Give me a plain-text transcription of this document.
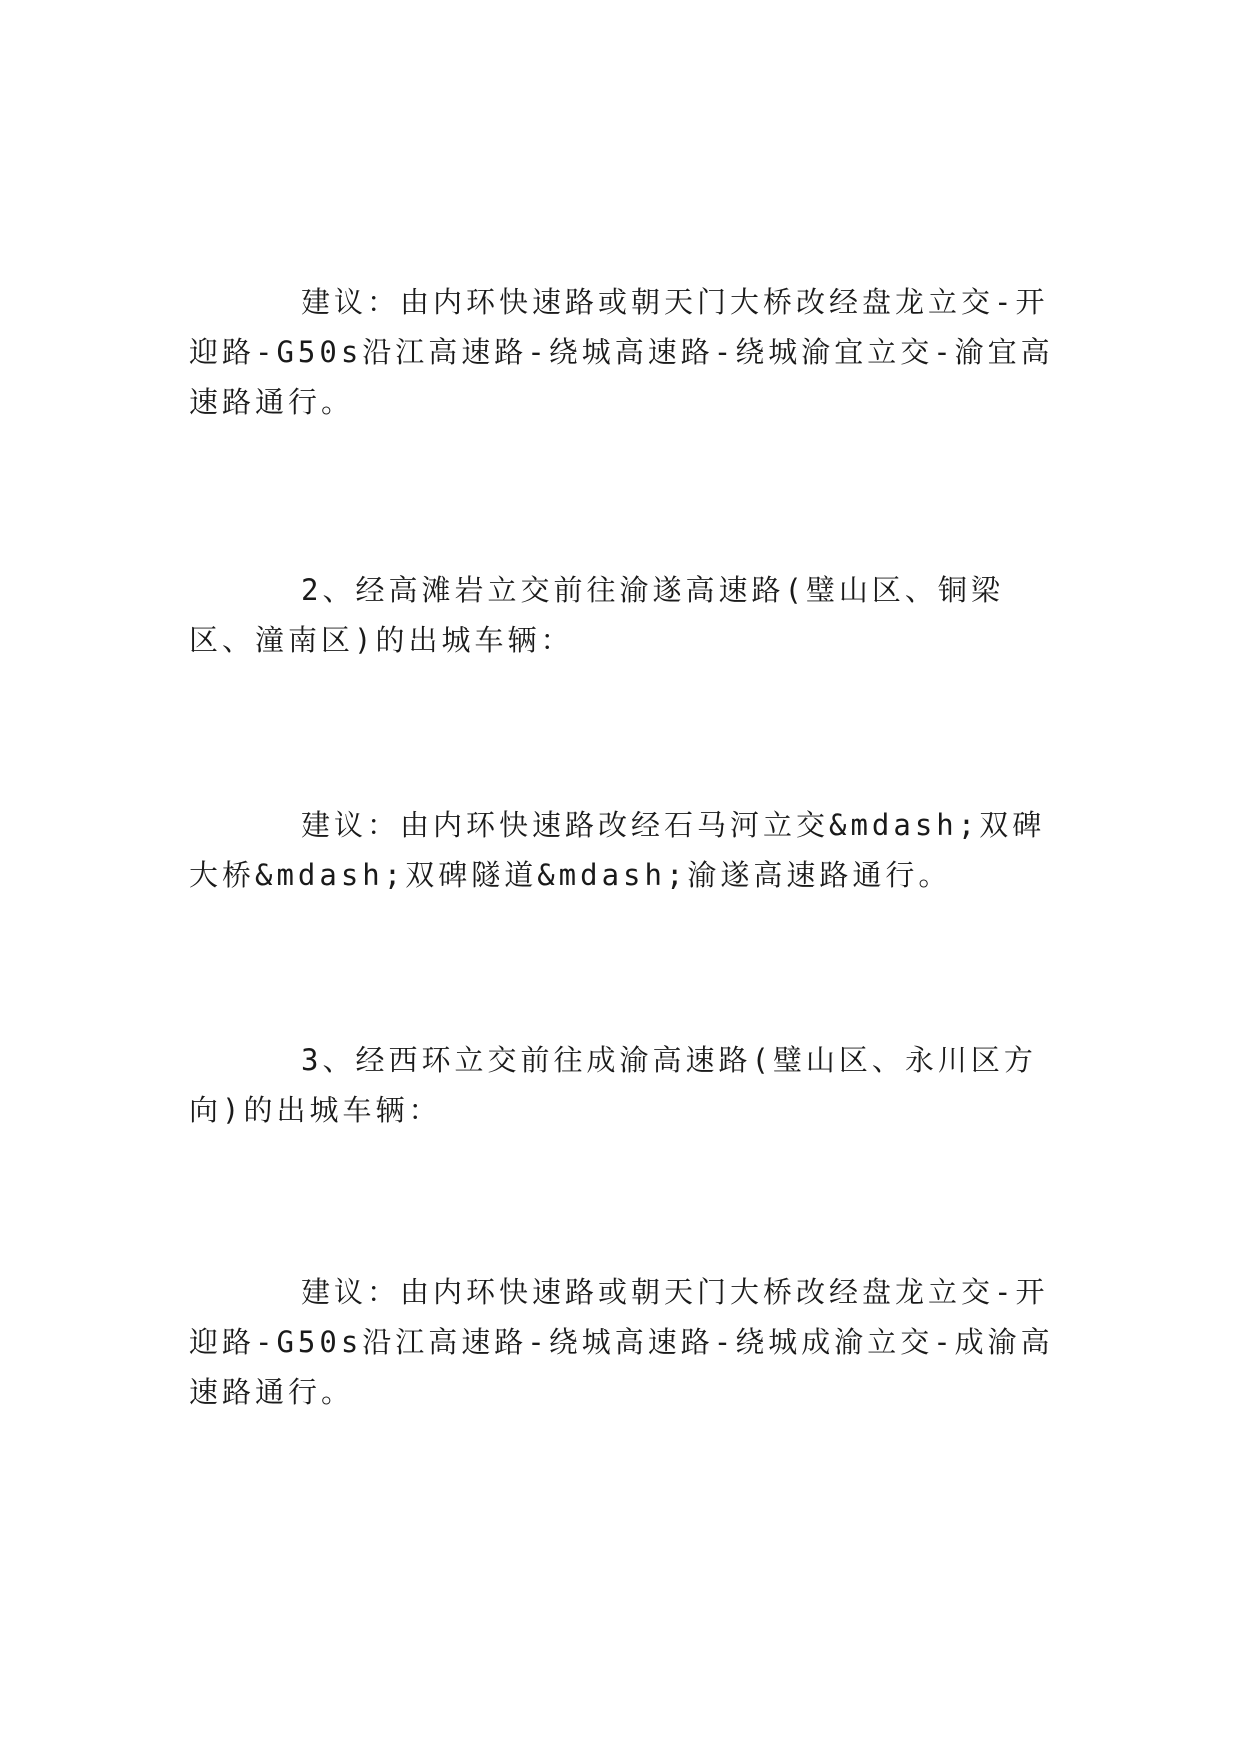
建议：由内环快速路或朝天门大桥改经盘龙立交-开迎路-G50s沿江高速路-绕城高速路-绕城渝宜立交-渝宜高速路通行。

2、经高滩岩立交前往渝遂高速路(璧山区、铜梁区、潼南区)的出城车辆：

建议：由内环快速路改经石马河立交&mdash;双碑大桥&mdash;双碑隧道&mdash;渝遂高速路通行。

3、经西环立交前往成渝高速路(璧山区、永川区方向)的出城车辆：

建议：由内环快速路或朝天门大桥改经盘龙立交-开迎路-G50s沿江高速路-绕城高速路-绕城成渝立交-成渝高速路通行。
